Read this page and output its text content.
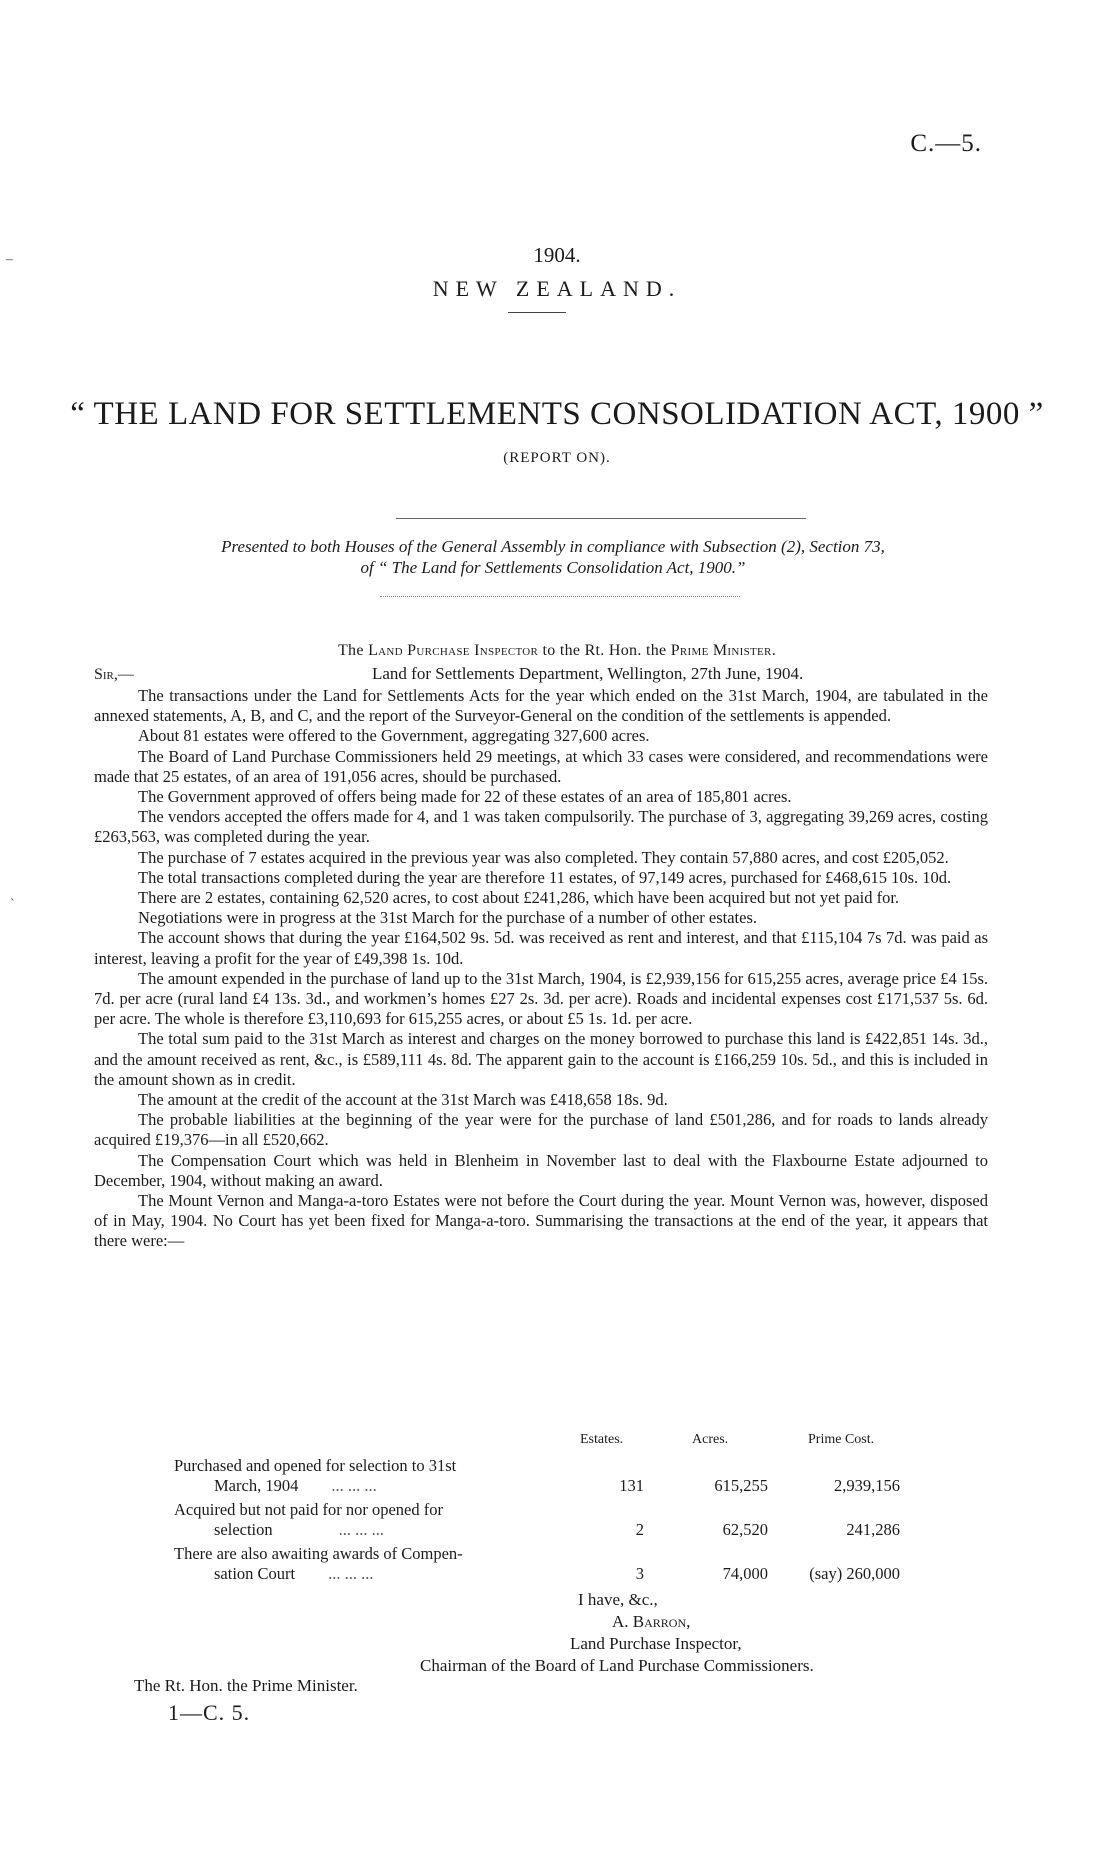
–
`
C.—5.
1904.
NEW ZEALAND.
“ THE LAND FOR SETTLEMENTS CONSOLIDATION ACT, 1900 ”
(REPORT ON).
Presented to both Houses of the General Assembly in compliance with Subsection (2), Section 73,
of “ The Land for Settlements Consolidation Act, 1900.”
The Land Purchase Inspector to the Rt. Hon. the Prime Minister.
Sir,—	Land for Settlements Department, Wellington, 27th June, 1904.

The transactions under the Land for Settlements Acts for the year which ended on the 31st March, 1904, are tabulated in the annexed statements, A, B, and C, and the report of the Surveyor-General on the condition of the settlements is appended.

About 81 estates were offered to the Government, aggregating 327,600 acres.

The Board of Land Purchase Commissioners held 29 meetings, at which 33 cases were considered, and recommendations were made that 25 estates, of an area of 191,056 acres, should be purchased.

The Government approved of offers being made for 22 of these estates of an area of 185,801 acres.

The vendors accepted the offers made for 4, and 1 was taken compulsorily. The purchase of 3, aggregating 39,269 acres, costing £263,563, was completed during the year.

The purchase of 7 estates acquired in the previous year was also completed. They contain 57,880 acres, and cost £205,052.

The total transactions completed during the year are therefore 11 estates, of 97,149 acres, purchased for £468,615 10s. 10d.

There are 2 estates, containing 62,520 acres, to cost about £241,286, which have been acquired but not yet paid for.

Negotiations were in progress at the 31st March for the purchase of a number of other estates.

The account shows that during the year £164,502 9s. 5d. was received as rent and interest, and that £115,104 7s 7d. was paid as interest, leaving a profit for the year of £49,398 1s. 10d.

The amount expended in the purchase of land up to the 31st March, 1904, is £2,939,156 for 615,255 acres, average price £4 15s. 7d. per acre (rural land £4 13s. 3d., and workmen’s homes £27 2s. 3d. per acre). Roads and incidental expenses cost £171,537 5s. 6d. per acre. The whole is therefore £3,110,693 for 615,255 acres, or about £5 1s. 1d. per acre.

The total sum paid to the 31st March as interest and charges on the money borrowed to purchase this land is £422,851 14s. 3d., and the amount received as rent, &c., is £589,111 4s. 8d. The apparent gain to the account is £166,259 10s. 5d., and this is included in the amount shown as in credit.

The amount at the credit of the account at the 31st March was £418,658 18s. 9d.

The probable liabilities at the beginning of the year were for the purchase of land £501,286, and for roads to lands already acquired £19,376—in all £520,662.

The Compensation Court which was held in Blenheim in November last to deal with the Flaxbourne Estate adjourned to December, 1904, without making an award.

The Mount Vernon and Manga-a-toro Estates were not before the Court during the year. Mount Vernon was, however, disposed of in May, 1904. No Court has yet been fixed for Manga-a-toro. Summarising the transactions at the end of the year, it appears that there were:—

Estates.	Acres.	Prime Cost.
Purchased and opened for selection to 31st
March, 1904 ... ... ...	131	615,255	2,939,156
Acquired but not paid for nor opened for
selection	... ... ...	2	62,520	241,286
There are also awaiting awards of Compen-
sation Court ... ... ...	3	74,000	(say) 260,000
I have, &c.,
A. Barron,
Land Purchase Inspector,
Chairman of the Board of Land Purchase Commissioners.
The Rt. Hon. the Prime Minister.
1—C. 5.
